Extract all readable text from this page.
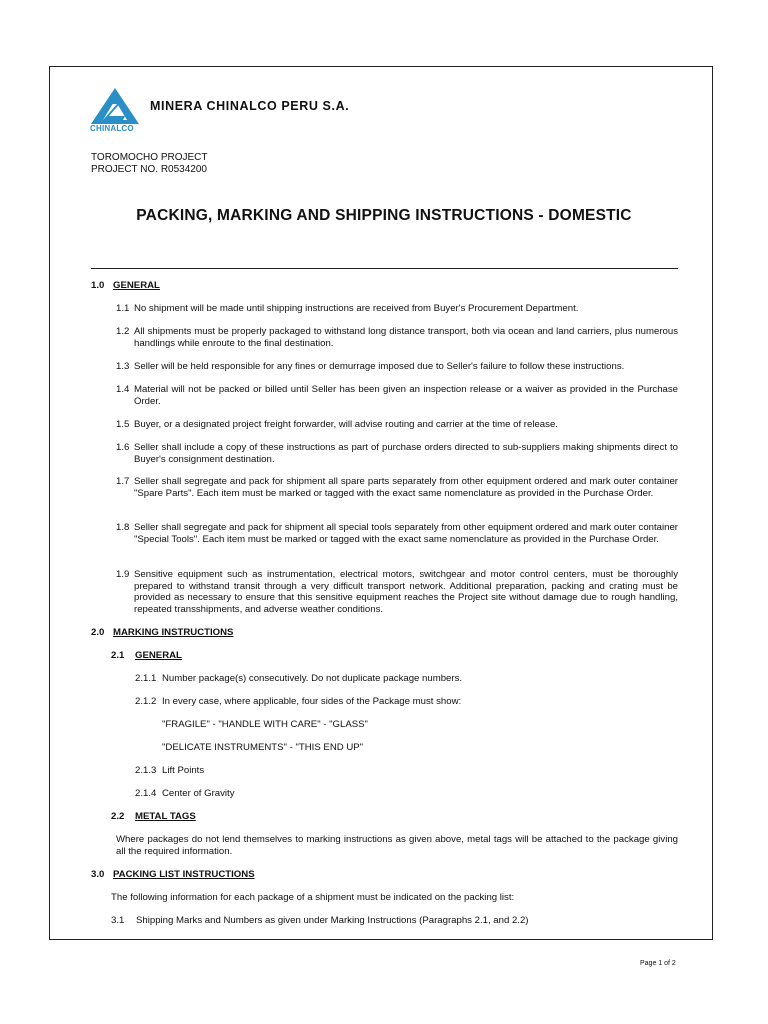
CHINALCO
MINERA CHINALCO PERU S.A.
TOROMOCHO PROJECT
PROJECT NO. R0534200
PACKING, MARKING AND SHIPPING INSTRUCTIONS - DOMESTIC
1.0 GENERAL
1.1 No shipment will be made until shipping instructions are received from Buyer's Procurement Department.
1.2 All shipments must be properly packaged to withstand long distance transport, both via ocean and land carriers, plus numerous handlings while enroute to the final destination.
1.3 Seller will be held responsible for any fines or demurrage imposed due to Seller's failure to follow these instructions.
1.4 Material will not be packed or billed until Seller has been given an inspection release or a waiver as provided in the Purchase Order.
1.5 Buyer, or a designated project freight forwarder, will advise routing and carrier at the time of release.
1.6 Seller shall include a copy of these instructions as part of purchase orders directed to sub-suppliers making shipments direct to Buyer's consignment destination.
1.7 Seller shall segregate and pack for shipment all spare parts separately from other equipment ordered and mark outer container "Spare Parts". Each item must be marked or tagged with the exact same nomenclature as provided in the Purchase Order.
1.8 Seller shall segregate and pack for shipment all special tools separately from other equipment ordered and mark outer container "Special Tools". Each item must be marked or tagged with the exact same nomenclature as provided in the Purchase Order.
1.9 Sensitive equipment such as instrumentation, electrical motors, switchgear and motor control centers, must be thoroughly prepared to withstand transit through a very difficult transport network. Additional preparation, packing and crating must be provided as necessary to ensure that this sensitive equipment reaches the Project site without damage due to rough handling, repeated transshipments, and adverse weather conditions.
2.0 MARKING INSTRUCTIONS
2.1 GENERAL
2.1.1 Number package(s) consecutively. Do not duplicate package numbers.
2.1.2 In every case, where applicable, four sides of the Package must show:
"FRAGILE" - "HANDLE WITH CARE" - "GLASS"
"DELICATE INSTRUMENTS" - "THIS END UP"
2.1.3 Lift Points
2.1.4 Center of Gravity
2.2 METAL TAGS
Where packages do not lend themselves to marking instructions as given above, metal tags will be attached to the package giving all the required information.
3.0 PACKING LIST INSTRUCTIONS
The following information for each package of a shipment must be indicated on the packing list:
3.1 Shipping Marks and Numbers as given under Marking Instructions (Paragraphs 2.1, and 2.2)
Page 1 of 2
